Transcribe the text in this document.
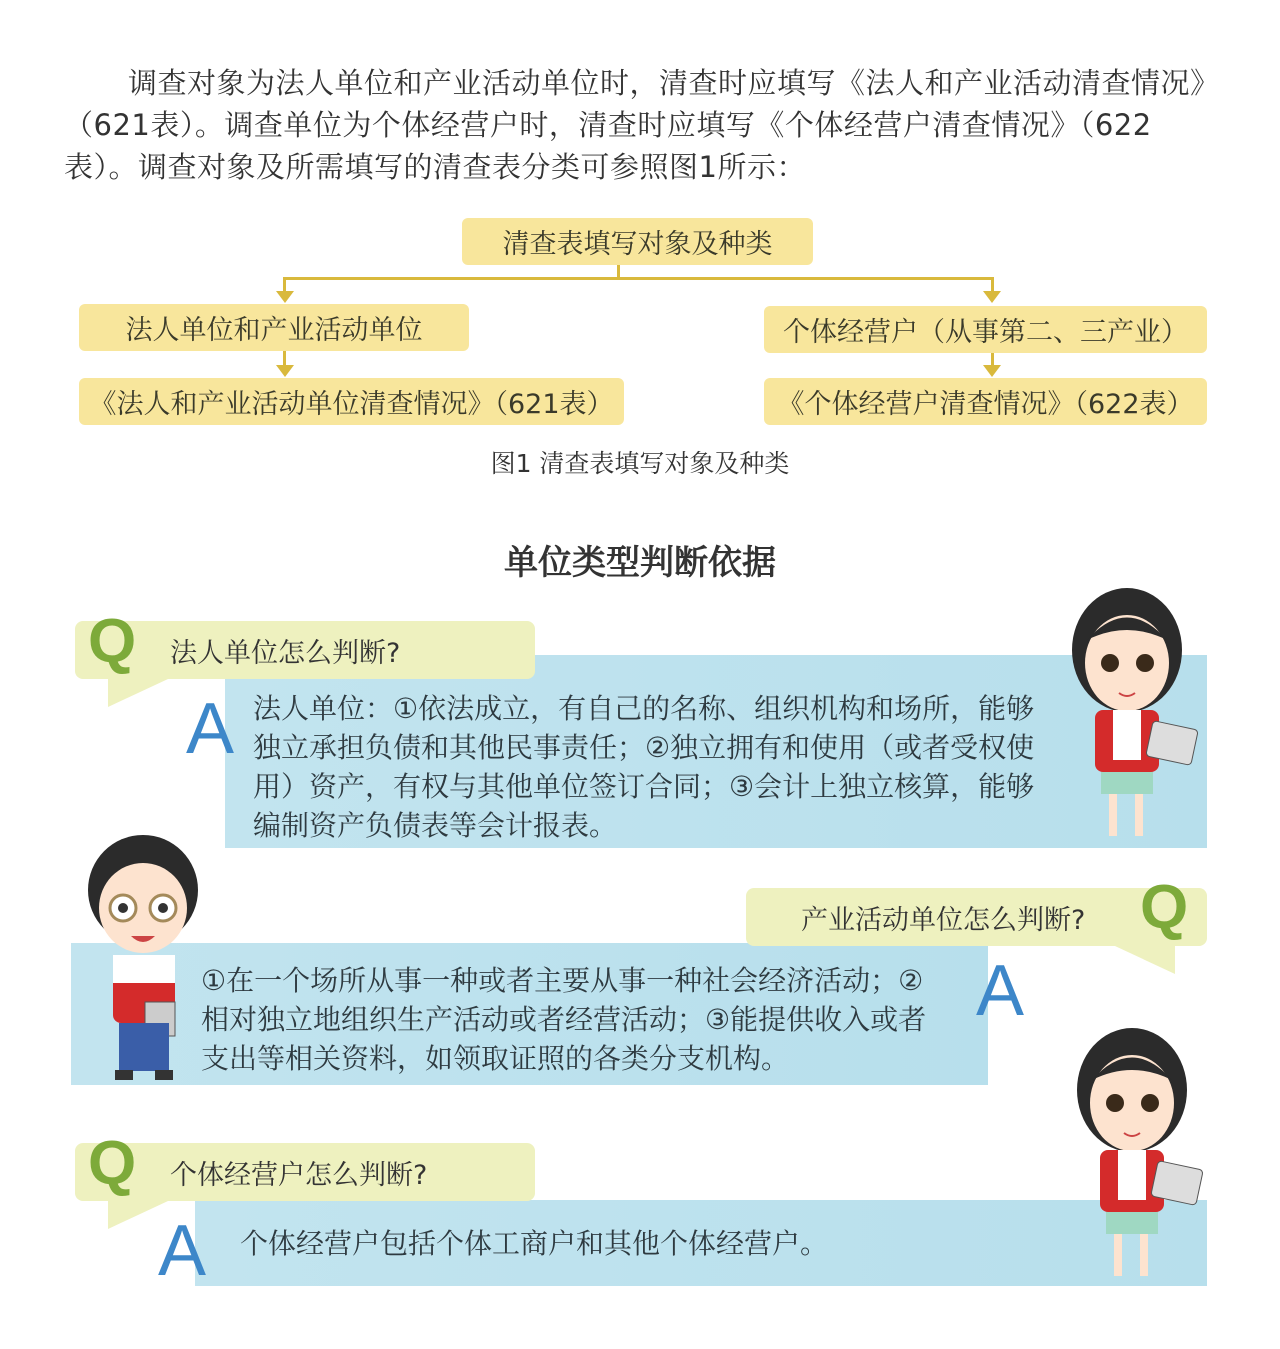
调查对象为法人单位和产业活动单位时，清查时应填写《法人和产业活动清查情况》（621表）。调查单位为个体经营户时，清查时应填写《个体经营户清查情况》（622表）。调查对象及所需填写的清查表分类可参照图1所示：

清查表填写对象及种类
法人单位和产业活动单位	个体经营户（从事第二、三产业）
《法人和产业活动单位清查情况》（621表）	《个体经营户清查情况》（622表）
图1 清查表填写对象及种类
单位类型判断依据
法人单位：①依法成立，有自己的名称、组织机构和场所，能够独立承担负债和其他民事责任；②独立拥有和使用（或者受权使用）资产，有权与其他单位签订合同；③会计上独立核算，能够编制资产负债表等会计报表。
法人单位怎么判断?
Q
A
①在一个场所从事一种或者主要从事一种社会经济活动；②相对独立地组织生产活动或者经营活动；③能提供收入或者支出等相关资料，如领取证照的各类分支机构。
产业活动单位怎么判断? Q
A
个体经营户包括个体工商户和其他个体经营户。
个体经营户怎么判断?
Q
A
